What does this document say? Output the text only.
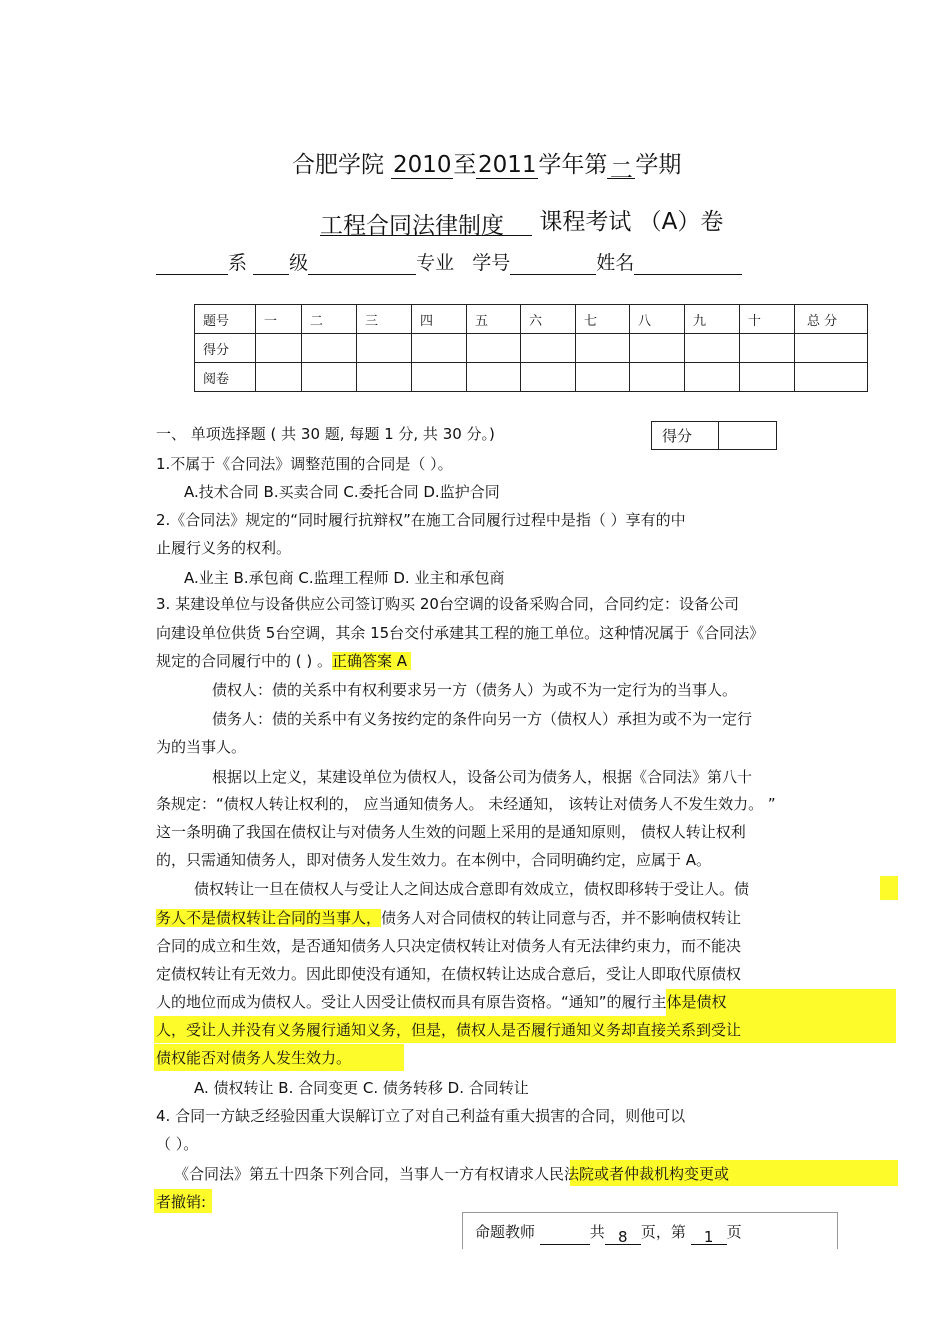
合肥学院 2010至2011学年第 二 学期
工程合同法律制度 课程考试 （A）卷
系 级	专业 学号	姓名
题号	一	二	三	四	五	六	七	八	九	十	总 分
得分											
阅卷											
一、 单项选择题 ( 共 30 题, 每题 1 分, 共 30 分。)	得分
1.不属于《合同法》调整范围的合同是（ ）。
A.技术合同 B.买卖合同 C.委托合同 D.监护合同
2.《合同法》规定的“同时履行抗辩权”在施工合同履行过程中是指（ ）享有的中
止履行义务的权利。
A.业主 B.承包商 C.监理工程师 D. 业主和承包商
3. 某建设单位与设备供应公司签订购买 20台空调的设备采购合同，合同约定：设备公司
向建设单位供货 5台空调，其余 15台交付承建其工程的施工单位。这种情况属于《合同法》
规定的合同履行中的 ( ) 。正确答案 A
债权人：债的关系中有权利要求另一方（债务人）为或不为一定行为的当事人。
债务人：债的关系中有义务按约定的条件向另一方（债权人）承担为或不为一定行
为的当事人。
根据以上定义，某建设单位为债权人，设备公司为债务人，根据《合同法》第八十
条规定：“债权人转让权利的， 应当通知债务人。 未经通知， 该转让对债务人不发生效力。 ”
这一条明确了我国在债权让与对债务人生效的问题上采用的是通知原则， 债权人转让权利
的，只需通知债务人，即对债务人发生效力。在本例中，合同明确约定，应属于 A。
债权转让一旦在债权人与受让人之间达成合意即有效成立，债权即移转于受让人。债
务人不是债权转让合同的当事人，债务人对合同债权的转让同意与否，并不影响债权转让
合同的成立和生效，是否通知债务人只决定债权转让对债务人有无法律约束力，而不能决
定债权转让有无效力。因此即使没有通知，在债权转让达成合意后，受让人即取代原债权
人的地位而成为债权人。受让人因受让债权而具有原告资格。“通知”的履行主体是债权
人，受让人并没有义务履行通知义务，但是，债权人是否履行通知义务却直接关系到受让
债权能否对债务人发生效力。
A. 债权转让 B. 合同变更 C. 债务转移 D. 合同转让
4. 合同一方缺乏经验因重大误解订立了对自己利益有重大损害的合同，则他可以
（ ）。
《合同法》第五十四条下列合同，当事人一方有权请求人民法院或者仲裁机构变更或
者撤销:
命题教师	共 8 页，第 1 页
